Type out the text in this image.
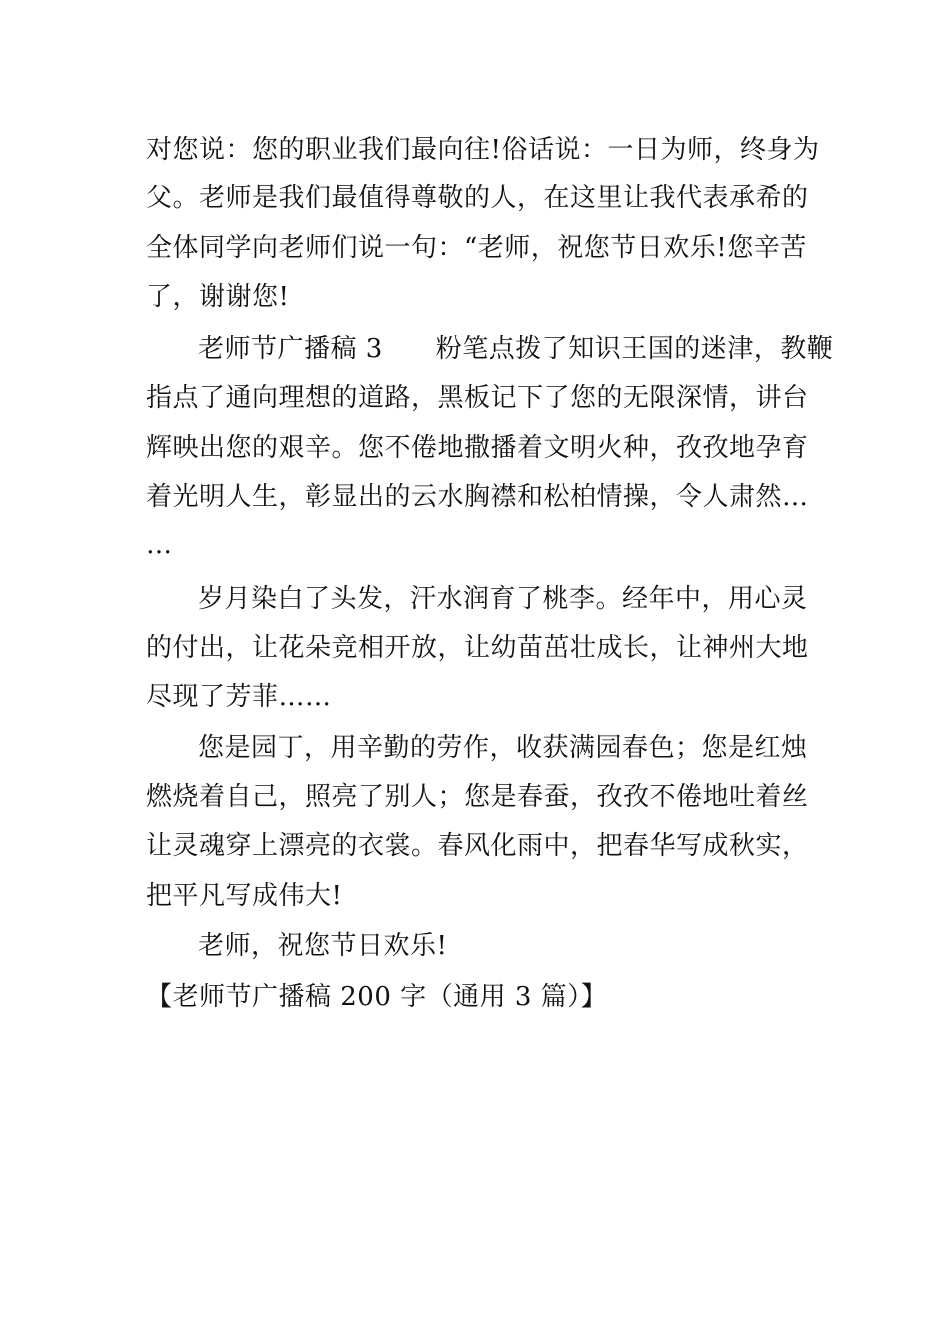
对您说：您的职业我们最向往!俗话说：一日为师，终身为
父。老师是我们最值得尊敬的人，在这里让我代表承希的
全体同学向老师们说一句：“老师，祝您节日欢乐!您辛苦
了，谢谢您!
老师节广播稿 3　　粉笔点拨了知识王国的迷津，教鞭
指点了通向理想的道路，黑板记下了您的无限深情，讲台
辉映出您的艰辛。您不倦地撒播着文明火种，孜孜地孕育
着光明人生，彰显出的云水胸襟和松柏情操，令人肃然…
…
岁月染白了头发，汗水润育了桃李。经年中，用心灵
的付出，让花朵竞相开放，让幼苗茁壮成长，让神州大地
尽现了芳菲……
您是园丁，用辛勤的劳作，收获满园春色；您是红烛
燃烧着自己，照亮了别人；您是春蚕，孜孜不倦地吐着丝
让灵魂穿上漂亮的衣裳。春风化雨中，把春华写成秋实，
把平凡写成伟大!
老师，祝您节日欢乐!
【老师节广播稿 200 字（通用 3 篇）】
